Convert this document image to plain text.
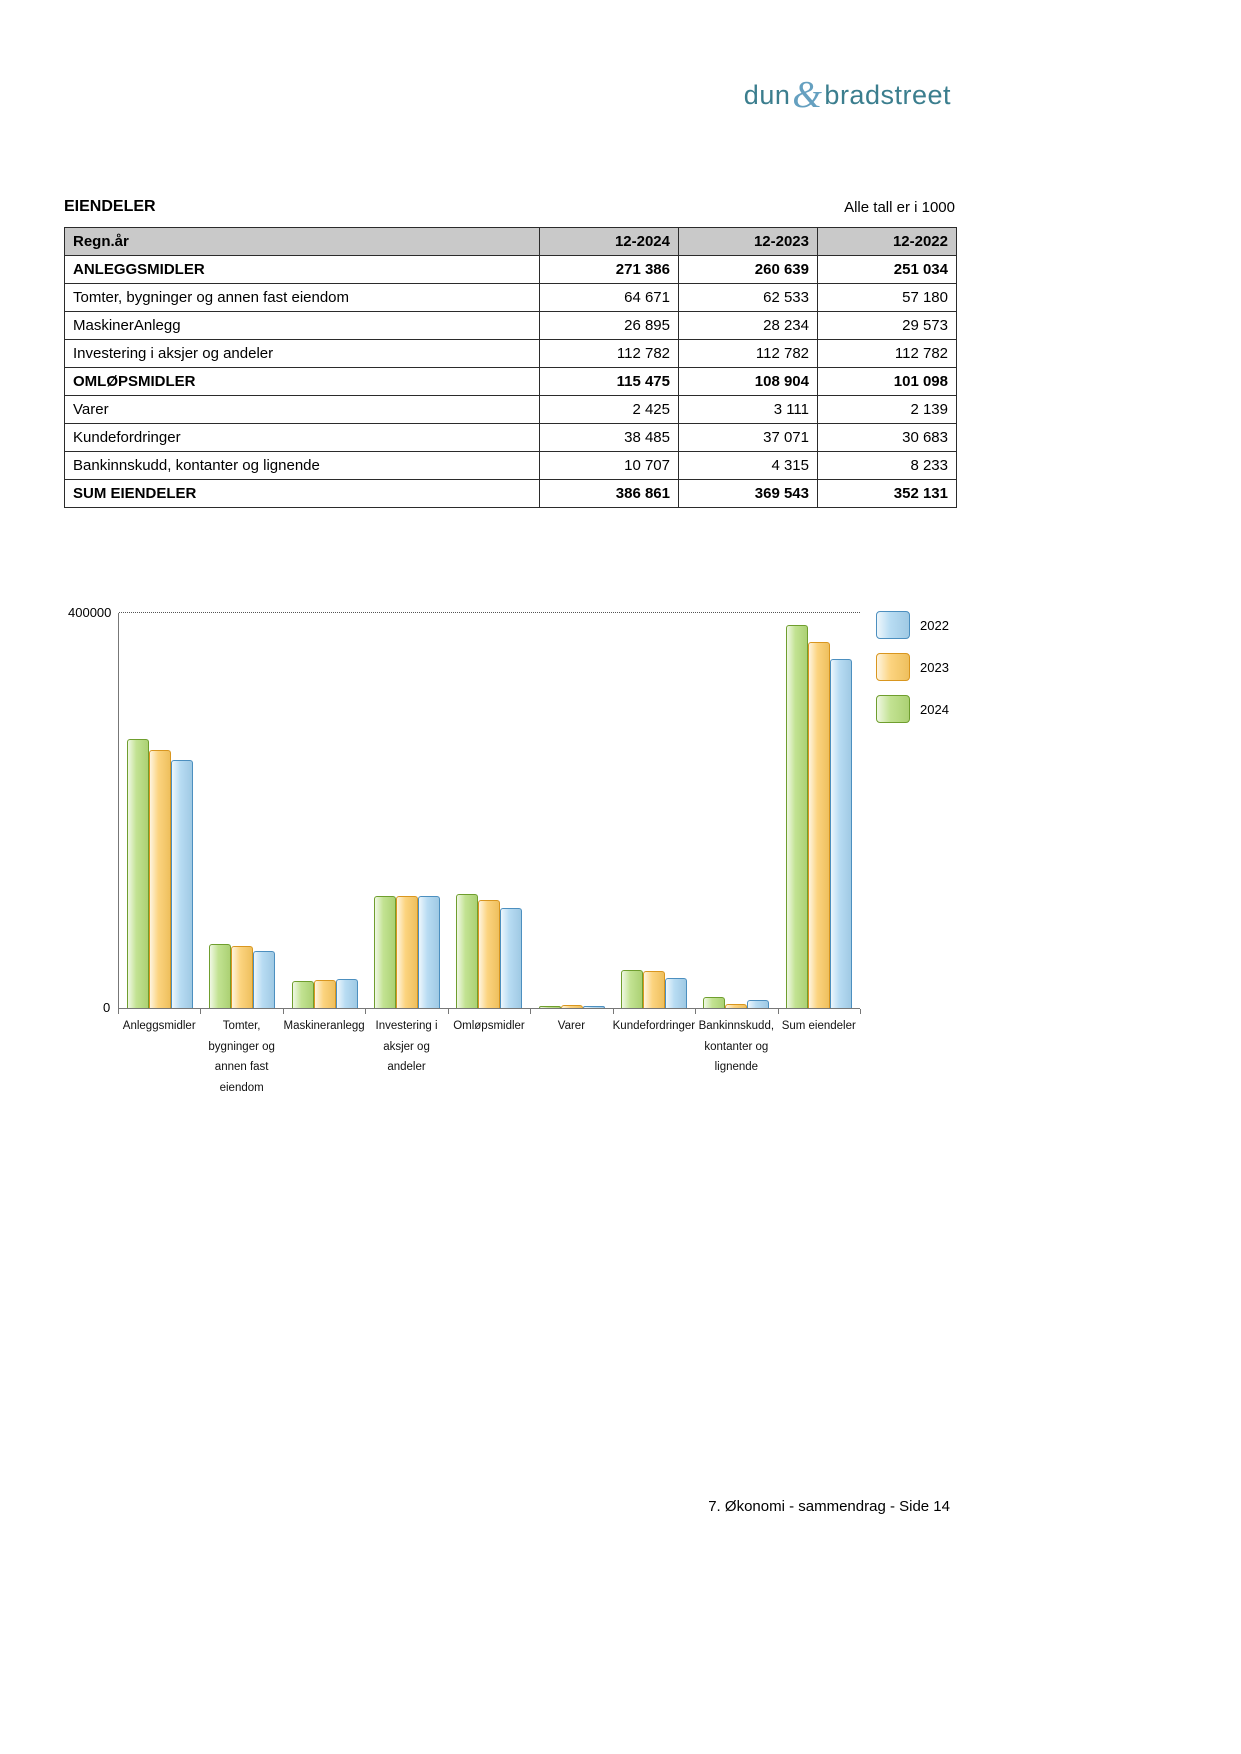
dun&bradstreet
EIENDELER	Alle tall er i 1000
Regn.år	12-2024	12-2023	12-2022
ANLEGGSMIDLER	271 386	260 639	251 034
Tomter, bygninger og annen fast eiendom	64 671	62 533	57 180
MaskinerAnlegg	26 895	28 234	29 573
Investering i aksjer og andeler	112 782	112 782	112 782
OMLØPSMIDLER	115 475	108 904	101 098
Varer	2 425	3 111	2 139
Kundefordringer	38 485	37 071	30 683
Bankinnskudd, kontanter og lignende	10 707	4 315	8 233
SUM EIENDELER	386 861	369 543	352 131
400000
0
Anleggsmidler	Tomter, bygninger og annen fast eiendom
Maskineranlegg Investering i aksjer og andeler
Omløpsmidler	Varer	Kundefordringer Bankinnskudd, kontanter og lignende
Sum eiendeler
2022
2023
2024
7. Økonomi - sammendrag - Side 14
